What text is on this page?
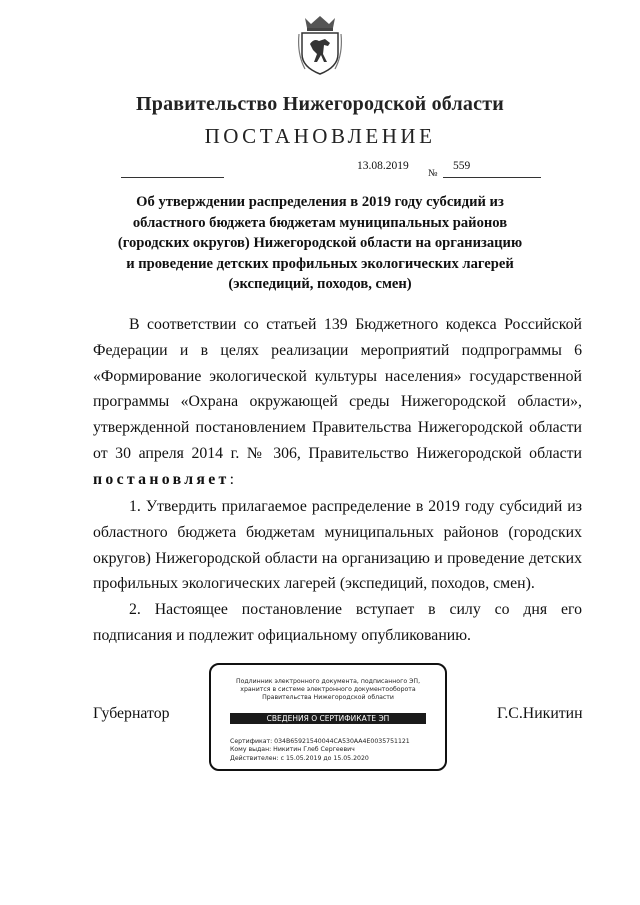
Правительство Нижегородской области
ПОСТАНОВЛЕНИЕ
13.08.2019
№
559
Об утверждении распределения в 2019 году субсидий из
областного бюджета бюджетам муниципальных районов
(городских округов) Нижегородской области на организацию
и проведение детских профильных экологических лагерей
(экспедиций, походов, смен)
В соответствии со статьей 139 Бюджетного кодекса Российской Федерации и в целях реализации мероприятий подпрограммы 6 «Формирование экологической культуры населения» государственной программы «Охрана окружающей среды Нижегородской области», утвержденной постановлением Правительства Нижегородской области от 30 апреля 2014 г. № 306, Правительство Нижегородской области постановляет:
1. Утвердить прилагаемое распределение в 2019 году субсидий из областного бюджета бюджетам муниципальных районов (городских округов) Нижегородской области на организацию и проведение детских профильных экологических лагерей (экспедиций, походов, смен).
2. Настоящее постановление вступает в силу со дня его подписания и подлежит официальному опубликованию.
Губернатор	Г.С.Никитин
Подлинник электронного документа, подписанного ЭП,
хранится в системе электронного документооборота
Правительства Нижегородской области
СВЕДЕНИЯ О СЕРТИФИКАТЕ ЭП
Сертификат: 034B65921540044CA530AA4E0035751121
Кому выдан: Никитин Глеб Сергеевич
Действителен: с 15.05.2019 до 15.05.2020
